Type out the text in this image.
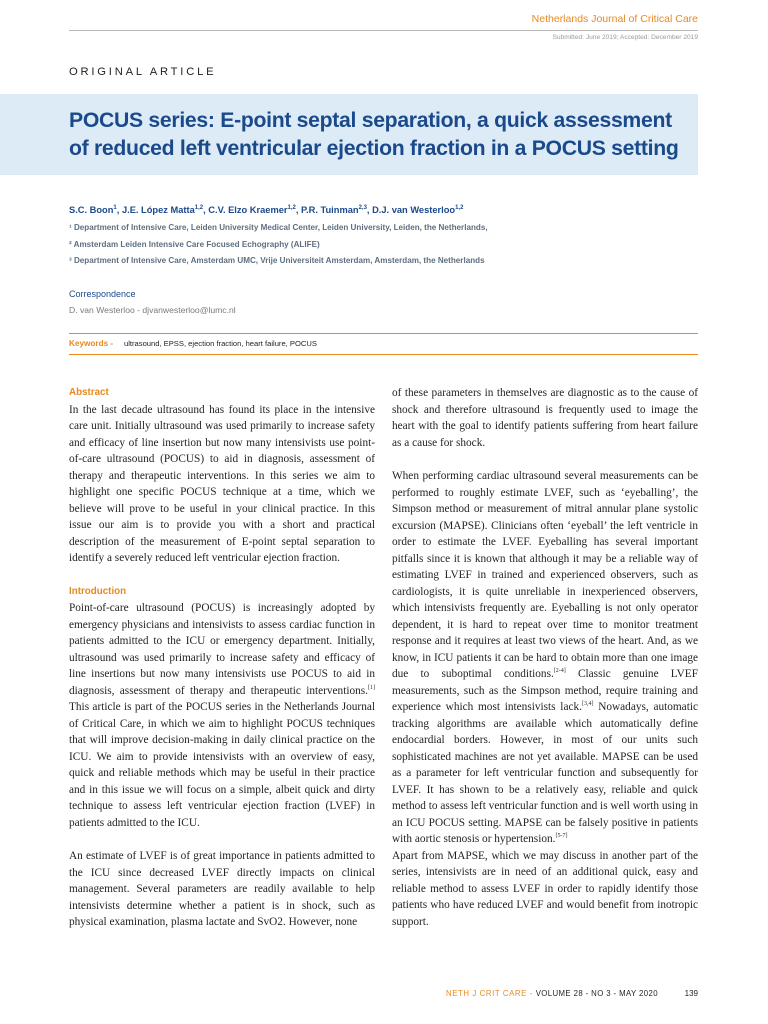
Netherlands Journal of Critical Care
Submitted: June 2019; Accepted: December 2019
ORIGINAL ARTICLE
POCUS series: E-point septal separation, a quick assessment of reduced left ventricular ejection fraction in a POCUS setting
S.C. Boon$^1$, J.E. López Matta$^{1,2}$, C.V. Elzo Kraemer$^{1,2}$, P.R. Tuinman$^{2,3}$, D.J. van Westerloo$^{1,2}$
¹ Department of Intensive Care, Leiden University Medical Center, Leiden University, Leiden, the Netherlands,
² Amsterdam Leiden Intensive Care Focused Echography (ALIFE)
³ Department of Intensive Care, Amsterdam UMC, Vrije Universiteit Amsterdam, Amsterdam, the Netherlands
Correspondence
D. van Westerloo - djvanwesterloo@lumc.nl
Keywords - ultrasound, EPSS, ejection fraction, heart failure, POCUS
Abstract

In the last decade ultrasound has found its place in the intensive care unit. Initially ultrasound was used primarily to increase safety and efficacy of line insertion but now many intensivists use point-of-care ultrasound (POCUS) to aid in diagnosis, assessment of therapy and therapeutic interventions. In this series we aim to highlight one specific POCUS technique at a time, which we believe will prove to be useful in your clinical practice. In this issue our aim is to provide you with a short and practical description of the measurement of E-point septal separation to identify a severely reduced left ventricular ejection fraction.

Introduction

Point-of-care ultrasound (POCUS) is increasingly adopted by emergency physicians and intensivists to assess cardiac function in patients admitted to the ICU or emergency department. Initially, ultrasound was used primarily to increase safety and efficacy of line insertions but now many intensivists use POCUS to aid in diagnosis, assessment of therapy and therapeutic interventions.[1] This article is part of the POCUS series in the Netherlands Journal of Critical Care, in which we aim to highlight POCUS techniques that will improve decision-making in daily clinical practice on the ICU. We aim to provide intensivists with an overview of easy, quick and reliable methods which may be useful in their practice and in this issue we will focus on a simple, albeit quick and dirty technique to assess left ventricular ejection fraction (LVEF) in patients admitted to the ICU.

An estimate of LVEF is of great importance in patients admitted to the ICU since decreased LVEF directly impacts on clinical management. Several parameters are readily available to help intensivists determine whether a patient is in shock, such as physical examination, plasma lactate and SvO2. However, none

of these parameters in themselves are diagnostic as to the cause of shock and therefore ultrasound is frequently used to image the heart with the goal to identify patients suffering from heart failure as a cause for shock.

When performing cardiac ultrasound several measurements can be performed to roughly estimate LVEF, such as ‘eyeballing’, the Simpson method or measurement of mitral annular plane systolic excursion (MAPSE). Clinicians often ‘eyeball’ the left ventricle in order to estimate the LVEF. Eyeballing has several important pitfalls since it is known that although it may be a reliable way of estimating LVEF in trained and experienced observers, such as cardiologists, it is quite unreliable in inexperienced observers, which intensivists frequently are. Eyeballing is not only operator dependent, it is hard to repeat over time to monitor treatment response and it requires at least two views of the heart. And, as we know, in ICU patients it can be hard to obtain more than one image due to suboptimal conditions.[2-4] Classic genuine LVEF measurements, such as the Simpson method, require training and experience which most intensivists lack.[3,4] Nowadays, automatic tracking algorithms are available which automatically define endocardial borders. However, in most of our units such sophisticated machines are not yet available. MAPSE can be used as a parameter for left ventricular function and subsequently for LVEF. It has shown to be a relatively easy, reliable and quick method to assess left ventricular function and is well worth using in an ICU POCUS setting. MAPSE can be falsely positive in patients with aortic stenosis or hypertension.[5-7]

Apart from MAPSE, which we may discuss in another part of the series, intensivists are in need of an additional quick, easy and reliable method to assess LVEF in order to rapidly identify those patients who have reduced LVEF and would benefit from inotropic support.

NETH J CRIT CARE - VOLUME 28 - NO 3 - MAY 2020	139
